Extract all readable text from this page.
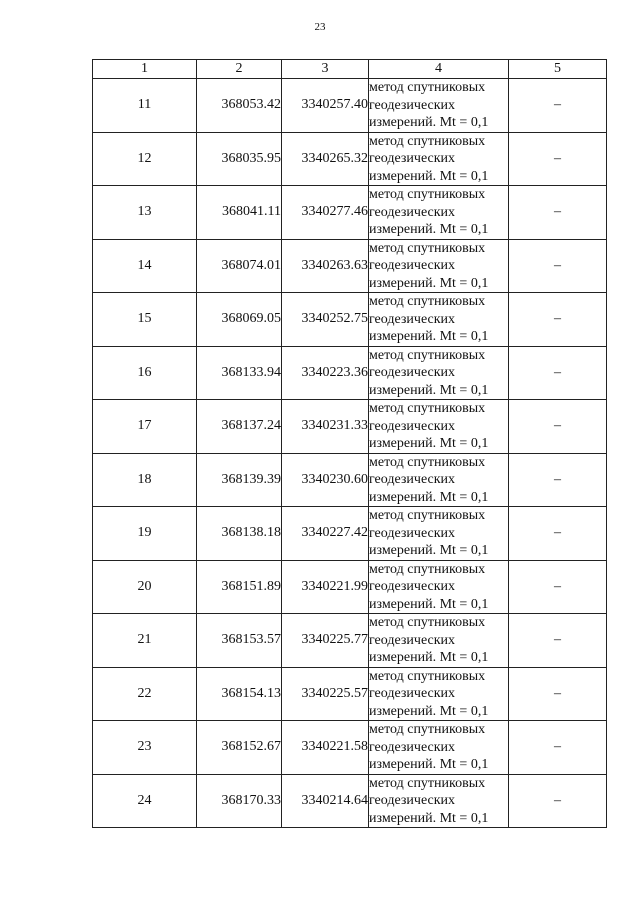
23
1	2	3	4	5
11	368053.42	3340257.40	метод спутниковых
геодезических
измерений. Mt = 0,1	–
12	368035.95	3340265.32	метод спутниковых
геодезических
измерений. Mt = 0,1	–
13	368041.11	3340277.46	метод спутниковых
геодезических
измерений. Mt = 0,1	–
14	368074.01	3340263.63	метод спутниковых
геодезических
измерений. Mt = 0,1	–
15	368069.05	3340252.75	метод спутниковых
геодезических
измерений. Mt = 0,1	–
16	368133.94	3340223.36	метод спутниковых
геодезических
измерений. Mt = 0,1	–
17	368137.24	3340231.33	метод спутниковых
геодезических
измерений. Mt = 0,1	–
18	368139.39	3340230.60	метод спутниковых
геодезических
измерений. Mt = 0,1	–
19	368138.18	3340227.42	метод спутниковых
геодезических
измерений. Mt = 0,1	–
20	368151.89	3340221.99	метод спутниковых
геодезических
измерений. Mt = 0,1	–
21	368153.57	3340225.77	метод спутниковых
геодезических
измерений. Mt = 0,1	–
22	368154.13	3340225.57	метод спутниковых
геодезических
измерений. Mt = 0,1	–
23	368152.67	3340221.58	метод спутниковых
геодезических
измерений. Mt = 0,1	–
24	368170.33	3340214.64	метод спутниковых
геодезических
измерений. Mt = 0,1	–
